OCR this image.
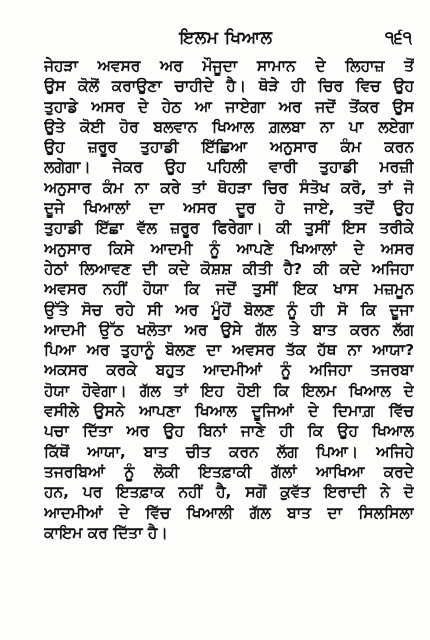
ਇਲਮ ਖਿਆਲ	੧੬੧
ਜੇਹੜਾ ਅਵਸਰ ਅਰ ਮੌਜੂਦਾ ਸਾਮਾਨ ਦੇ ਲਿਹਾਜ਼ ਤੋਂ
ਉਸ ਕੋਲੋਂ ਕਰਾਉਣਾ ਚਾਹੀਦੇ ਹੈ। ਥੋੜੇ ਹੀ ਚਿਰ ਵਿਚ ਉਹ
ਤੁਹਾਡੇ ਅਸਰ ਦੇ ਹੇਠ ਆ ਜਾਏਗਾ ਅਰ ਜਦੋਂ ਤੋਂਕਰ ਉਸ
ਉਤੇ ਕੋਈ ਹੋਰ ਬਲਵਾਨ ਖਿਆਲ ਗ਼ਲਬਾ ਨਾ ਪਾ ਲਏਗਾ
ਉਹ ਜ਼ਰੂਰ ਤੁਹਾਡੀ ਇੱਛਿਆ ਅਨੁਸਾਰ ਕੰਮ ਕਰਨ
ਲਗੇਗਾ। ਜੇਕਰ ਉਹ ਪਹਿਲੀ ਵਾਰੀ ਤੁਹਾਡੀ ਮਰਜ਼ੀ
ਅਨੁਸਾਰ ਕੰਮ ਨਾ ਕਰੇ ਤਾਂ ਥੋਹੜਾ ਚਿਰ ਸੰਤੋਖ ਕਰੋ, ਤਾਂ ਜੋ
ਦੂਜੇ ਖਿਆਲਾਂ ਦਾ ਅਸਰ ਦੂਰ ਹੋ ਜਾਏ, ਤਦੋਂ ਉਹ
ਤੁਹਾਡੀ ਇੱਛਾ ਵੱਲ ਜ਼ਰੂਰ ਫਿਰੇਗਾ। ਕੀ ਤੁਸੀਂ ਇਸ ਤਰੀਕੇ
ਅਨੁਸਾਰ ਕਿਸੇ ਆਦਮੀ ਨੂੰ ਆਪਣੇ ਖਿਆਲਾਂ ਦੇ ਅਸਰ
ਹੇਠਾਂ ਲਿਆਵਣ ਦੀ ਕਦੇ ਕੋਸ਼ਸ਼ ਕੀਤੀ ਹੈ? ਕੀ ਕਦੇ ਅਜਿਹਾ
ਅਵਸਰ ਨਹੀਂ ਹੋਯਾ ਕਿ ਜਦੋਂ ਤੁਸੀਂ ਇਕ ਖਾਸ ਮਜ਼ਮੂਨ
ਉੱਤੇ ਸੋਚ ਰਹੇ ਸੀ ਅਰ ਮੂੰਹੋਂ ਬੋਲਣ ਨੂੰ ਹੀ ਸੋ ਕਿ ਦੂਜਾ
ਆਦਮੀ ਉੱਠ ਖਲੋਤਾ ਅਰ ਉਸੇ ਗੱਲ ਤੇ ਬਾਤ ਕਰਨ ਲੱਗ
ਪਿਆ ਅਰ ਤੁਹਾਨੂੰ ਬੋਲਣ ਦਾ ਅਵਸਰ ਤੱਕ ਹੱਥ ਨਾ ਆਯਾ?
ਅਕਸਰ ਕਰਕੇ ਬਹੁਤ ਆਦਮੀਆਂ ਨੂੰ ਅਜਿਹਾ ਤਜਰਬਾ
ਹੋਯਾ ਹੋਵੇਗਾ। ਗੱਲ ਤਾਂ ਇਹ ਹੋਈ ਕਿ ਇਲਮ ਖਿਆਲ ਦੇ
ਵਸੀਲੇ ਉਸਨੇ ਆਪਣਾ ਖਿਆਲ ਦੂਜਿਆਂ ਦੇ ਦਿਮਾਗ਼ ਵਿੱਚ
ਪਚਾ ਦਿੱਤਾ ਅਰ ਉਹ ਬਿਨਾਂ ਜਾਣੇ ਹੀ ਕਿ ਉਹ ਖਿਆਲ
ਕਿੱਥੋਂ ਆਯਾ, ਬਾਤ ਚੀਤ ਕਰਨ ਲੱਗ ਪਿਆ। ਅਜਿਹੇ
ਤਜਰਬਿਆਂ ਨੂੰ ਲੋਕੀ ਇਤਫ਼ਾਕੀ ਗੱਲਾਂ ਆਖਿਆ ਕਰਦੇ
ਹਨ, ਪਰ ਇਤਫ਼ਾਕ ਨਹੀਂ ਹੈ, ਸਗੋਂ ਕੁਵੱਤ ਇਰਾਦੀ ਨੇ ਦੋ
ਆਦਮੀਆਂ ਦੇ ਵਿੱਚ ਖਿਆਲੀ ਗੱਲ ਬਾਤ ਦਾ ਸਿਲਸਿਲਾ
ਕਾਇਮ ਕਰ ਦਿੱਤਾ ਹੈ।
